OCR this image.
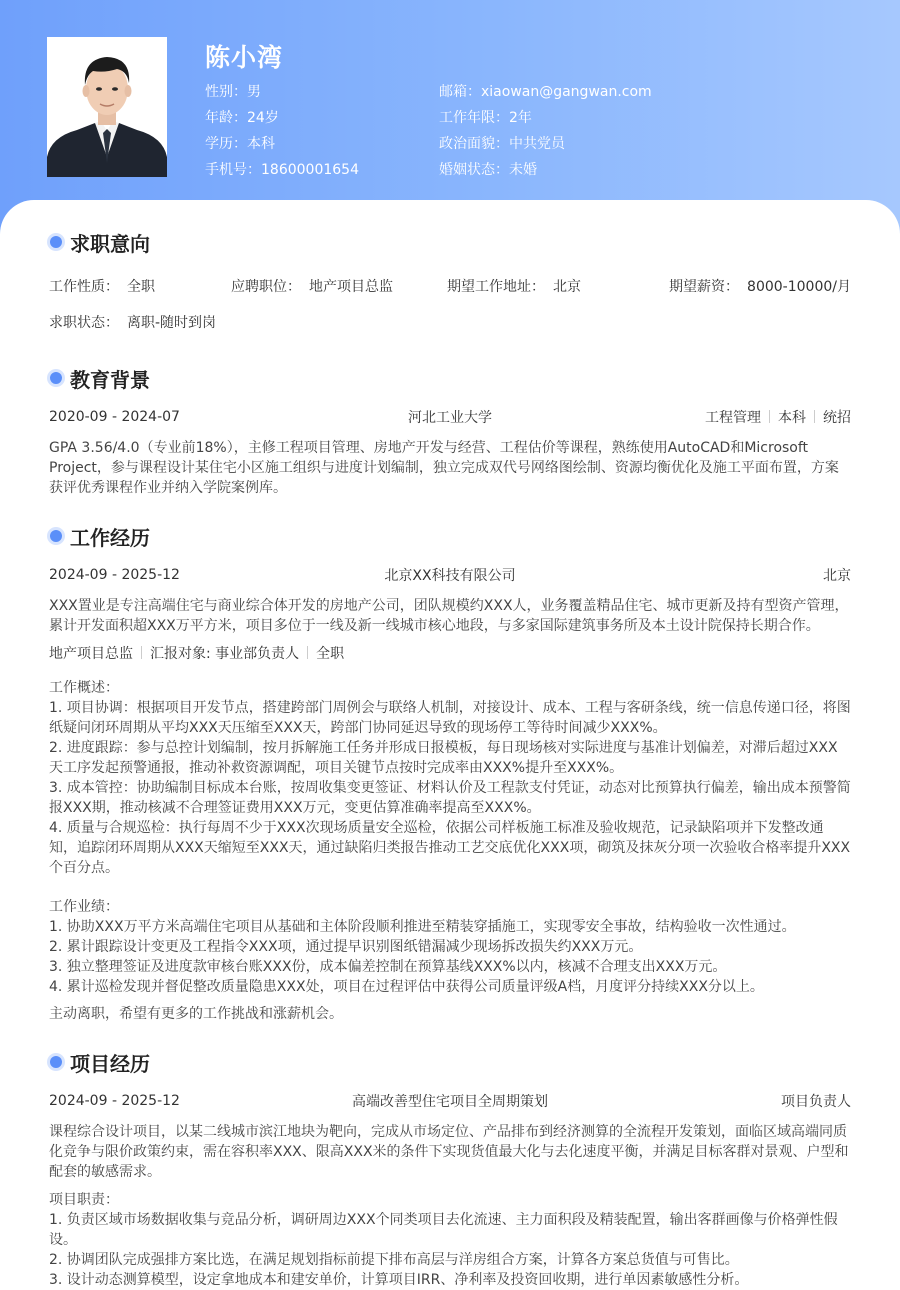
陈小湾
性别：男	邮箱：xiaowan@gangwan.com
年龄：24岁	工作年限：2年
学历：本科	政治面貌：中共党员
手机号：18600001654	婚姻状态：未婚
求职意向
工作性质： 全职	应聘职位： 地产项目总监	期望工作地址： 北京	期望薪资： 8000-10000/月
求职状态： 离职-随时到岗
教育背景
2020-09 - 2024-07	河北工业大学	工程管理 本科 统招
GPA 3.56/4.0（专业前18%），主修工程项目管理、房地产开发与经营、工程估价等课程，熟练使用AutoCAD和Microsoft Project，参与课程设计某住宅小区施工组织与进度计划编制，独立完成双代号网络图绘制、资源均衡优化及施工平面布置，方案获评优秀课程作业并纳入学院案例库。
工作经历
2024-09 - 2025-12	北京XX科技有限公司	北京
XXX置业是专注高端住宅与商业综合体开发的房地产公司，团队规模约XXX人，业务覆盖精品住宅、城市更新及持有型资产管理，累计开发面积超XXX万平方米，项目多位于一线及新一线城市核心地段，与多家国际建筑事务所及本土设计院保持长期合作。
地产项目总监 汇报对象: 事业部负责人 全职
工作概述：
1. 项目协调：根据项目开发节点，搭建跨部门周例会与联络人机制，对接设计、成本、工程与客研条线，统一信息传递口径，将图纸疑问闭环周期从平均XXX天压缩至XXX天，跨部门协同延迟导致的现场停工等待时间减少XXX%。
2. 进度跟踪：参与总控计划编制，按月拆解施工任务并形成日报模板，每日现场核对实际进度与基准计划偏差，对滞后超过XXX天工序发起预警通报，推动补救资源调配，项目关键节点按时完成率由XXX%提升至XXX%。
3. 成本管控：协助编制目标成本台账，按周收集变更签证、材料认价及工程款支付凭证，动态对比预算执行偏差，输出成本预警简报XXX期，推动核减不合理签证费用XXX万元，变更估算准确率提高至XXX%。
4. 质量与合规巡检：执行每周不少于XXX次现场质量安全巡检，依据公司样板施工标准及验收规范，记录缺陷项并下发整改通知，追踪闭环周期从XXX天缩短至XXX天，通过缺陷归类报告推动工艺交底优化XXX项，砌筑及抹灰分项一次验收合格率提升XXX个百分点。
工作业绩：
1. 协助XXX万平方米高端住宅项目从基础和主体阶段顺利推进至精装穿插施工，实现零安全事故，结构验收一次性通过。
2. 累计跟踪设计变更及工程指令XXX项，通过提早识别图纸错漏减少现场拆改损失约XXX万元。
3. 独立整理签证及进度款审核台账XXX份，成本偏差控制在预算基线XXX%以内，核减不合理支出XXX万元。
4. 累计巡检发现并督促整改质量隐患XXX处，项目在过程评估中获得公司质量评级A档，月度评分持续XXX分以上。
主动离职，希望有更多的工作挑战和涨薪机会。
项目经历
2024-09 - 2025-12	高端改善型住宅项目全周期策划	项目负责人
课程综合设计项目，以某二线城市滨江地块为靶向，完成从市场定位、产品排布到经济测算的全流程开发策划，面临区域高端同质化竞争与限价政策约束，需在容积率XXX、限高XXX米的条件下实现货值最大化与去化速度平衡，并满足目标客群对景观、户型和配套的敏感需求。
项目职责：
1. 负责区域市场数据收集与竞品分析，调研周边XXX个同类项目去化流速、主力面积段及精装配置，输出客群画像与价格弹性假设。
2. 协调团队完成强排方案比选，在满足规划指标前提下排布高层与洋房组合方案，计算各方案总货值与可售比。
3. 设计动态测算模型，设定拿地成本和建安单价，计算项目IRR、净利率及投资回收期，进行单因素敏感性分析。
